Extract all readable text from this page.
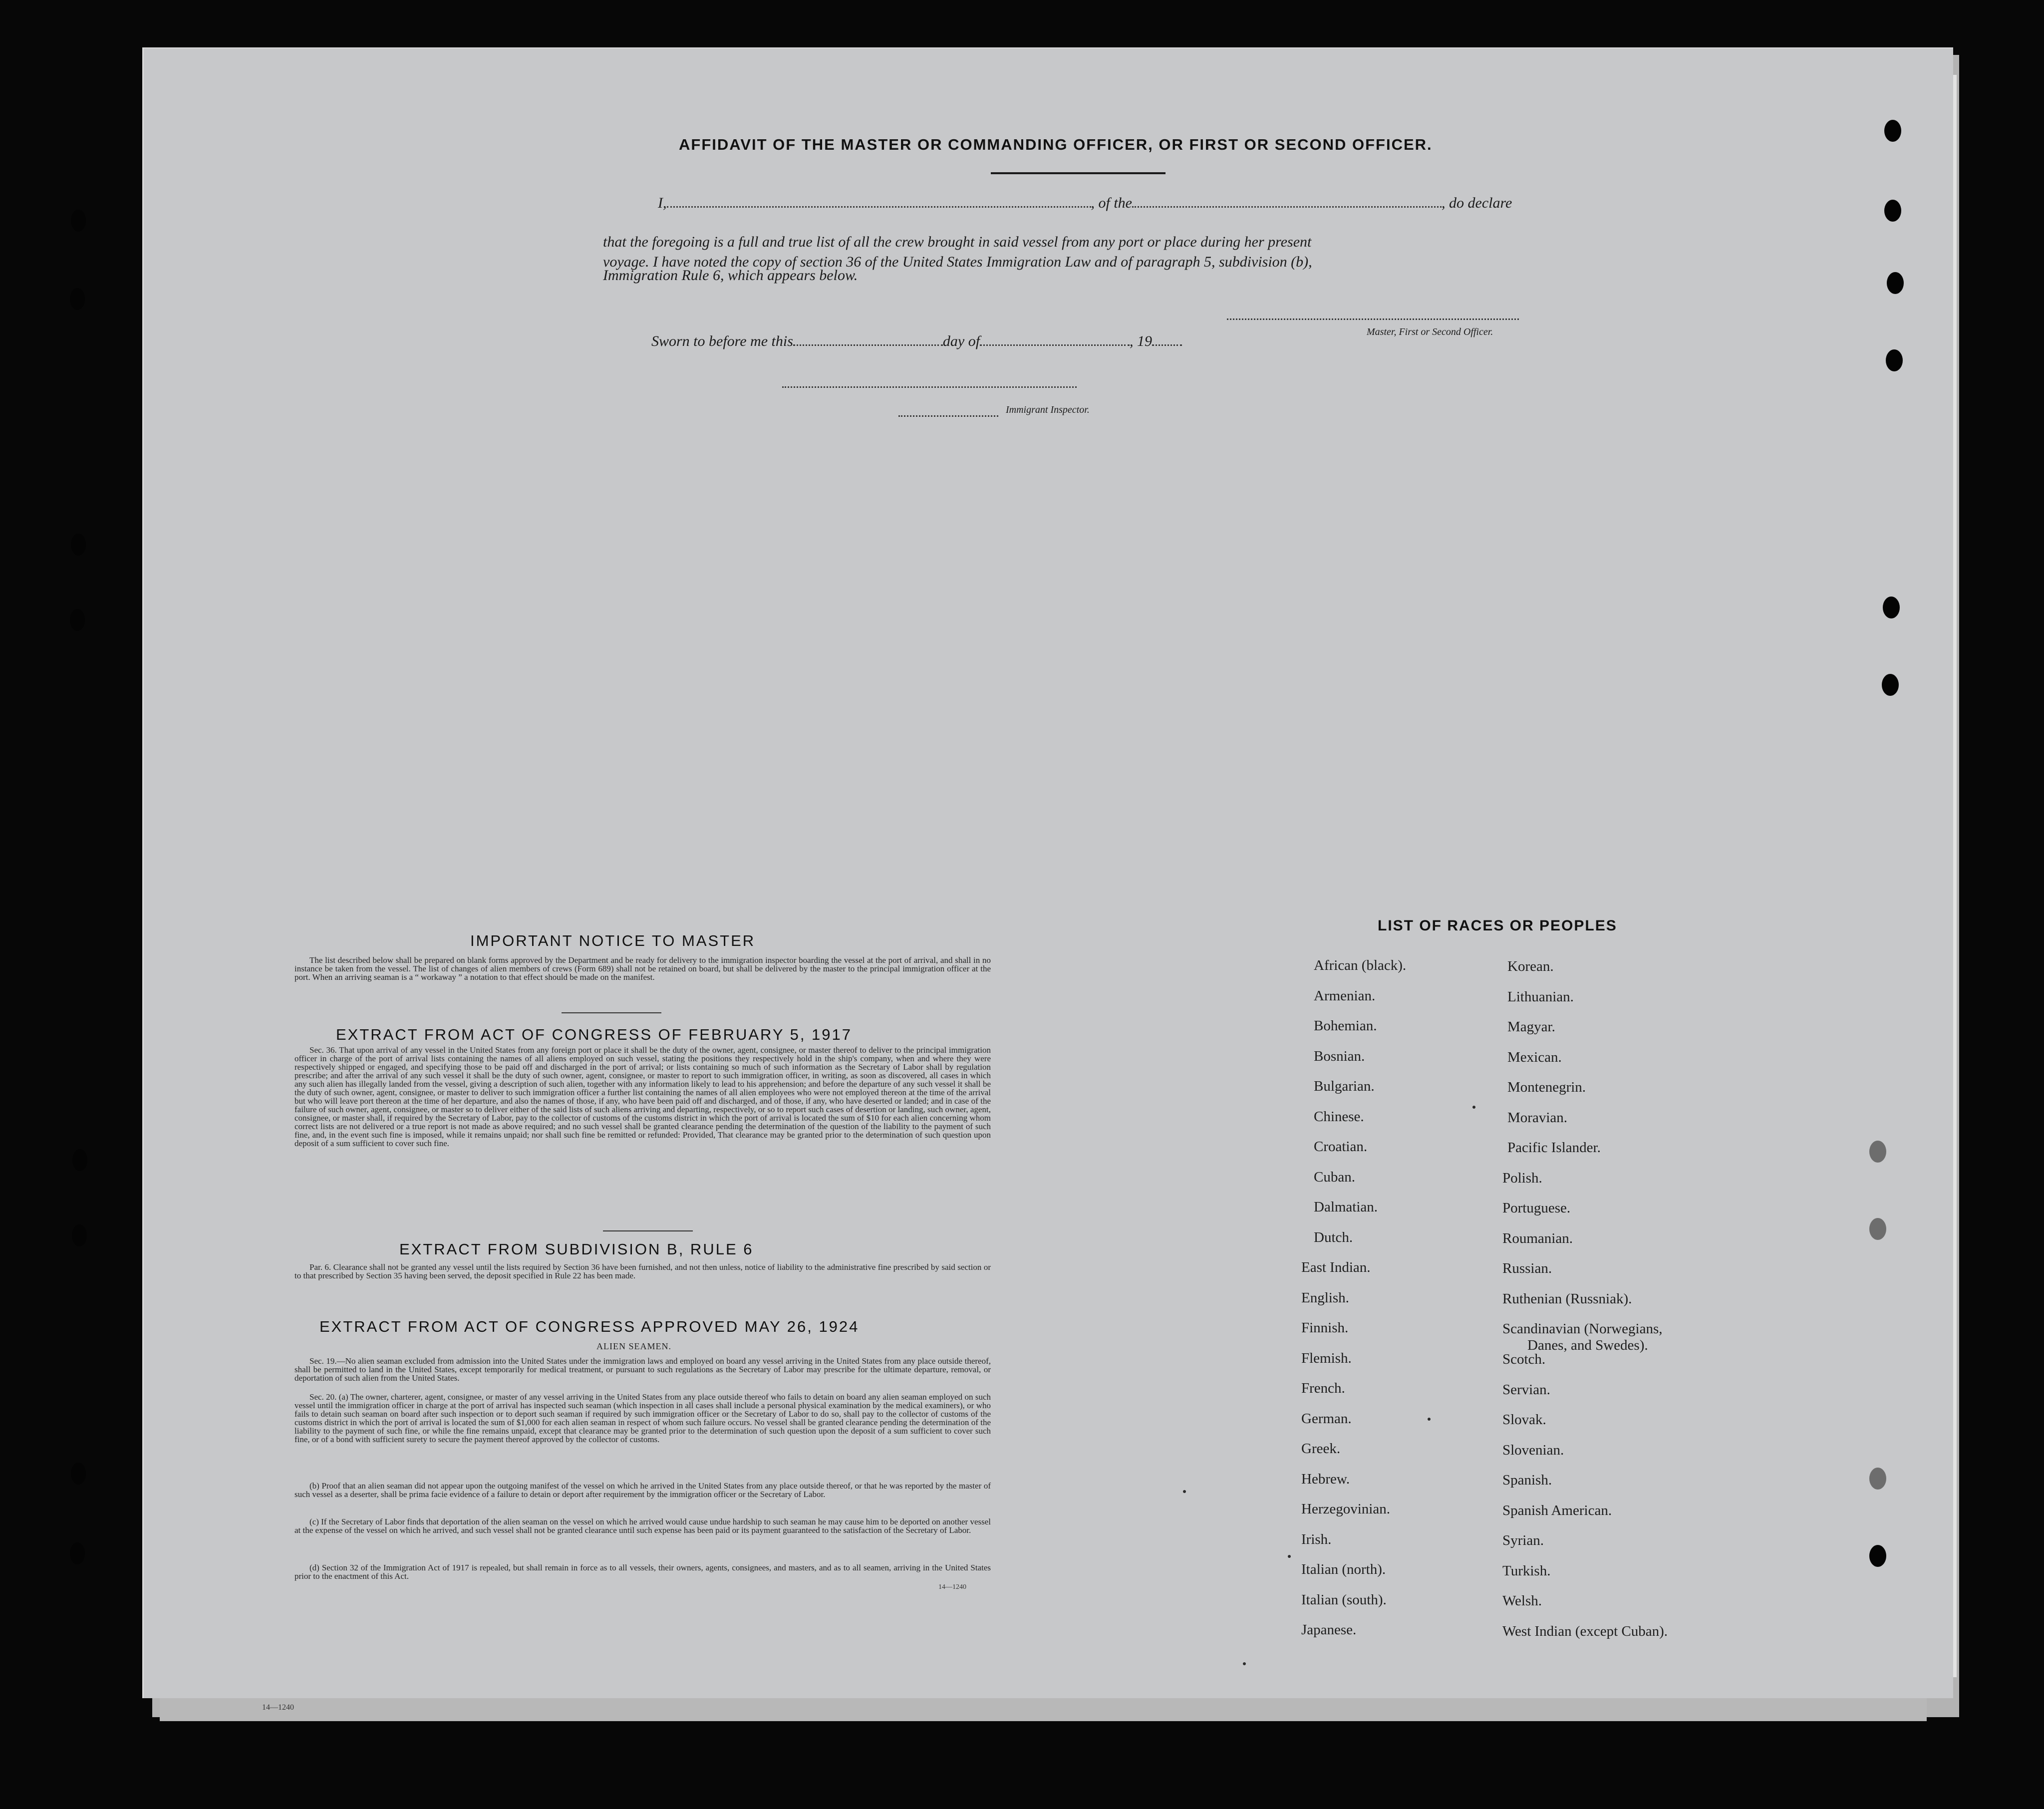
14—1240
AFFIDAVIT OF THE MASTER OR COMMANDING OFFICER, OR FIRST OR SECOND OFFICER.
I,	, of the	, do declare
that the foregoing is a full and true list of all the crew brought in said vessel from any port or place during her present
voyage. I have noted the copy of section 36 of the United States Immigration Law and of paragraph 5, subdivision (b),
Immigration Rule 6, which appears below.
Master, First or Second Officer.
Sworn to before me this	day of	, 19
Immigrant Inspector.
IMPORTANT NOTICE TO MASTER
The list described below shall be prepared on blank forms approved by the Department and be ready for delivery to the immigration inspector boarding the vessel at the port of arrival, and shall in no instance be taken from the vessel. The list of changes of alien members of crews (Form 689) shall not be retained on board, but shall be delivered by the master to the principal immigration officer at the port. When an arriving seaman is a “ workaway ” a notation to that effect should be made on the manifest.
EXTRACT FROM ACT OF CONGRESS OF FEBRUARY 5, 1917
Sec. 36. That upon arrival of any vessel in the United States from any foreign port or place it shall be the duty of the owner, agent, consignee, or master thereof to deliver to the principal immigration officer in charge of the port of arrival lists containing the names of all aliens employed on such vessel, stating the positions they respectively hold in the ship's company, when and where they were respectively shipped or engaged, and specifying those to be paid off and discharged in the port of arrival; or lists containing so much of such information as the Secretary of Labor shall by regulation prescribe; and after the arrival of any such vessel it shall be the duty of such owner, agent, consignee, or master to report to such immigration officer, in writing, as soon as discovered, all cases in which any such alien has illegally landed from the vessel, giving a description of such alien, together with any information likely to lead to his apprehension; and before the departure of any such vessel it shall be the duty of such owner, agent, consignee, or master to deliver to such immigration officer a further list containing the names of all alien employees who were not employed thereon at the time of the arrival but who will leave port thereon at the time of her departure, and also the names of those, if any, who have been paid off and discharged, and of those, if any, who have deserted or landed; and in case of the failure of such owner, agent, consignee, or master so to deliver either of the said lists of such aliens arriving and departing, respectively, or so to report such cases of desertion or landing, such owner, agent, consignee, or master shall, if required by the Secretary of Labor, pay to the collector of customs of the customs district in which the port of arrival is located the sum of $10 for each alien concerning whom correct lists are not delivered or a true report is not made as above required; and no such vessel shall be granted clearance pending the determination of the question of the liability to the payment of such fine, and, in the event such fine is imposed, while it remains unpaid; nor shall such fine be remitted or refunded: Provided, That clearance may be granted prior to the determination of such question upon deposit of a sum sufficient to cover such fine.
EXTRACT FROM SUBDIVISION B, RULE 6
Par. 6. Clearance shall not be granted any vessel until the lists required by Section 36 have been furnished, and not then unless, notice of liability to the administrative fine prescribed by said section or to that prescribed by Section 35 having been served, the deposit specified in Rule 22 has been made.
EXTRACT FROM ACT OF CONGRESS APPROVED MAY 26, 1924
ALIEN SEAMEN.
Sec. 19.—No alien seaman excluded from admission into the United States under the immigration laws and employed on board any vessel arriving in the United States from any place outside thereof, shall be permitted to land in the United States, except temporarily for medical treatment, or pursuant to such regulations as the Secretary of Labor may prescribe for the ultimate departure, removal, or deportation of such alien from the United States.
Sec. 20. (a) The owner, charterer, agent, consignee, or master of any vessel arriving in the United States from any place outside thereof who fails to detain on board any alien seaman employed on such vessel until the immigration officer in charge at the port of arrival has inspected such seaman (which inspection in all cases shall include a personal physical examination by the medical examiners), or who fails to detain such seaman on board after such inspection or to deport such seaman if required by such immigration officer or the Secretary of Labor to do so, shall pay to the collector of customs of the customs district in which the port of arrival is located the sum of $1,000 for each alien seaman in respect of whom such failure occurs. No vessel shall be granted clearance pending the determination of the liability to the payment of such fine, or while the fine remains unpaid, except that clearance may be granted prior to the determination of such question upon the deposit of a sum sufficient to cover such fine, or of a bond with sufficient surety to secure the payment thereof approved by the collector of customs.
(b) Proof that an alien seaman did not appear upon the outgoing manifest of the vessel on which he arrived in the United States from any place outside thereof, or that he was reported by the master of such vessel as a deserter, shall be prima facie evidence of a failure to detain or deport after requirement by the immigration officer or the Secretary of Labor.
(c) If the Secretary of Labor finds that deportation of the alien seaman on the vessel on which he arrived would cause undue hardship to such seaman he may cause him to be deported on another vessel at the expense of the vessel on which he arrived, and such vessel shall not be granted clearance until such expense has been paid or its payment guaranteed to the satisfaction of the Secretary of Labor.
(d) Section 32 of the Immigration Act of 1917 is repealed, but shall remain in force as to all vessels, their owners, agents, consignees, and masters, and as to all seamen, arriving in the United States prior to the enactment of this Act.
14—1240
LIST OF RACES OR PEOPLES
African (black).
Armenian.
Bohemian.
Bosnian.
Bulgarian.
Chinese.
Croatian.
Cuban.
Dalmatian.
Dutch.
East Indian.
English.
Finnish.
Flemish.
French.
German.
Greek.
Hebrew.
Herzegovinian.
Irish.
Italian (north).
Italian (south).
Japanese.
Korean.
Lithuanian.
Magyar.
Mexican.
Montenegrin.
Moravian.
Pacific Islander.
Polish.
Portuguese.
Roumanian.
Russian.
Ruthenian (Russniak).
Scandinavian (Norwegians,
Danes, and Swedes).
Scotch.
Servian.
Slovak.
Slovenian.
Spanish.
Spanish American.
Syrian.
Turkish.
Welsh.
West Indian (except Cuban).
